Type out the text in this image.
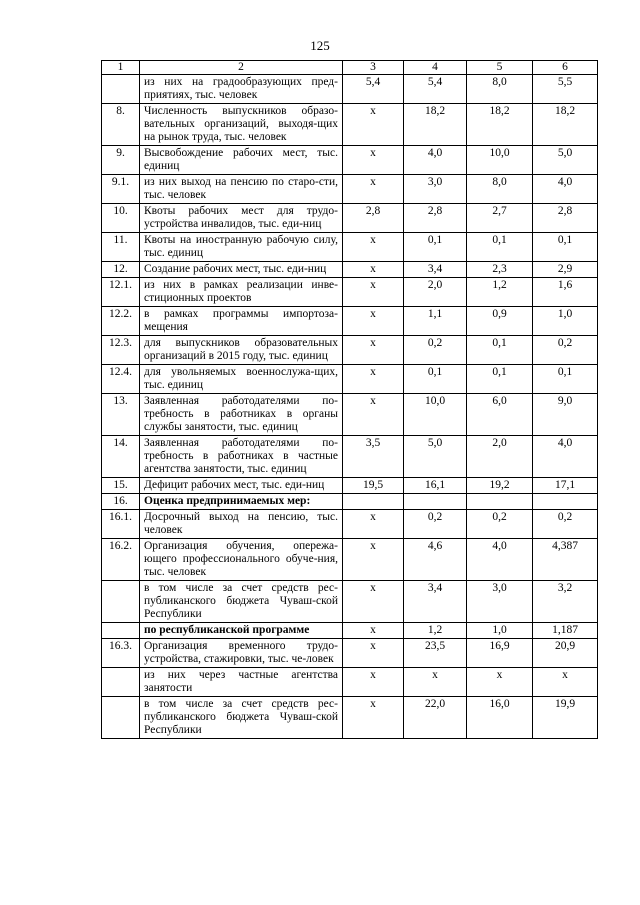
125
1	2	3	4	5	6
	из них на градообразующих пред-приятиях, тыс. человек	5,4	5,4	8,0	5,5
8.	Численность выпускников образо-вательных организаций, выходя-щих на рынок труда, тыс. человек	х	18,2	18,2	18,2
9.	Высвобождение рабочих мест, тыс. единиц	х	4,0	10,0	5,0
9.1.	из них выход на пенсию по старо-сти, тыс. человек	х	3,0	8,0	4,0
10.	Квоты рабочих мест для трудо-устройства инвалидов, тыс. еди-ниц	2,8	2,8	2,7	2,8
11.	Квоты на иностранную рабочую силу, тыс. единиц	х	0,1	0,1	0,1
12.	Создание рабочих мест, тыс. еди-ниц	х	3,4	2,3	2,9
12.1.	из них в рамках реализации инве-стиционных проектов	х	2,0	1,2	1,6
12.2.	в рамках программы импортоза-мещения	х	1,1	0,9	1,0
12.3.	для выпускников образовательных организаций в 2015 году, тыс. единиц	х	0,2	0,1	0,2
12.4.	для увольняемых военнослужа-щих, тыс. единиц	х	0,1	0,1	0,1
13.	Заявленная работодателями по-требность в работниках в органы службы занятости, тыс. единиц	х	10,0	6,0	9,0
14.	Заявленная работодателями по-требность в работниках в частные агентства занятости, тыс. единиц	3,5	5,0	2,0	4,0
15.	Дефицит рабочих мест, тыс. еди-ниц	19,5	16,1	19,2	17,1
16.	Оценка предпринимаемых мер:				
16.1.	Досрочный выход на пенсию, тыс. человек	х	0,2	0,2	0,2
16.2.	Организация обучения, опережа-ющего профессионального обуче-ния, тыс. человек	х	4,6	4,0	4,387
	в том числе за счет средств рес-публиканского бюджета Чуваш-ской Республики	х	3,4	3,0	3,2
	по республиканской программе	х	1,2	1,0	1,187
16.3.	Организация временного трудо-устройства, стажировки, тыс. че-ловек	х	23,5	16,9	20,9
	из них через частные агентства занятости	х	х	х	х
	в том числе за счет средств рес-публиканского бюджета Чуваш-ской Республики	х	22,0	16,0	19,9
